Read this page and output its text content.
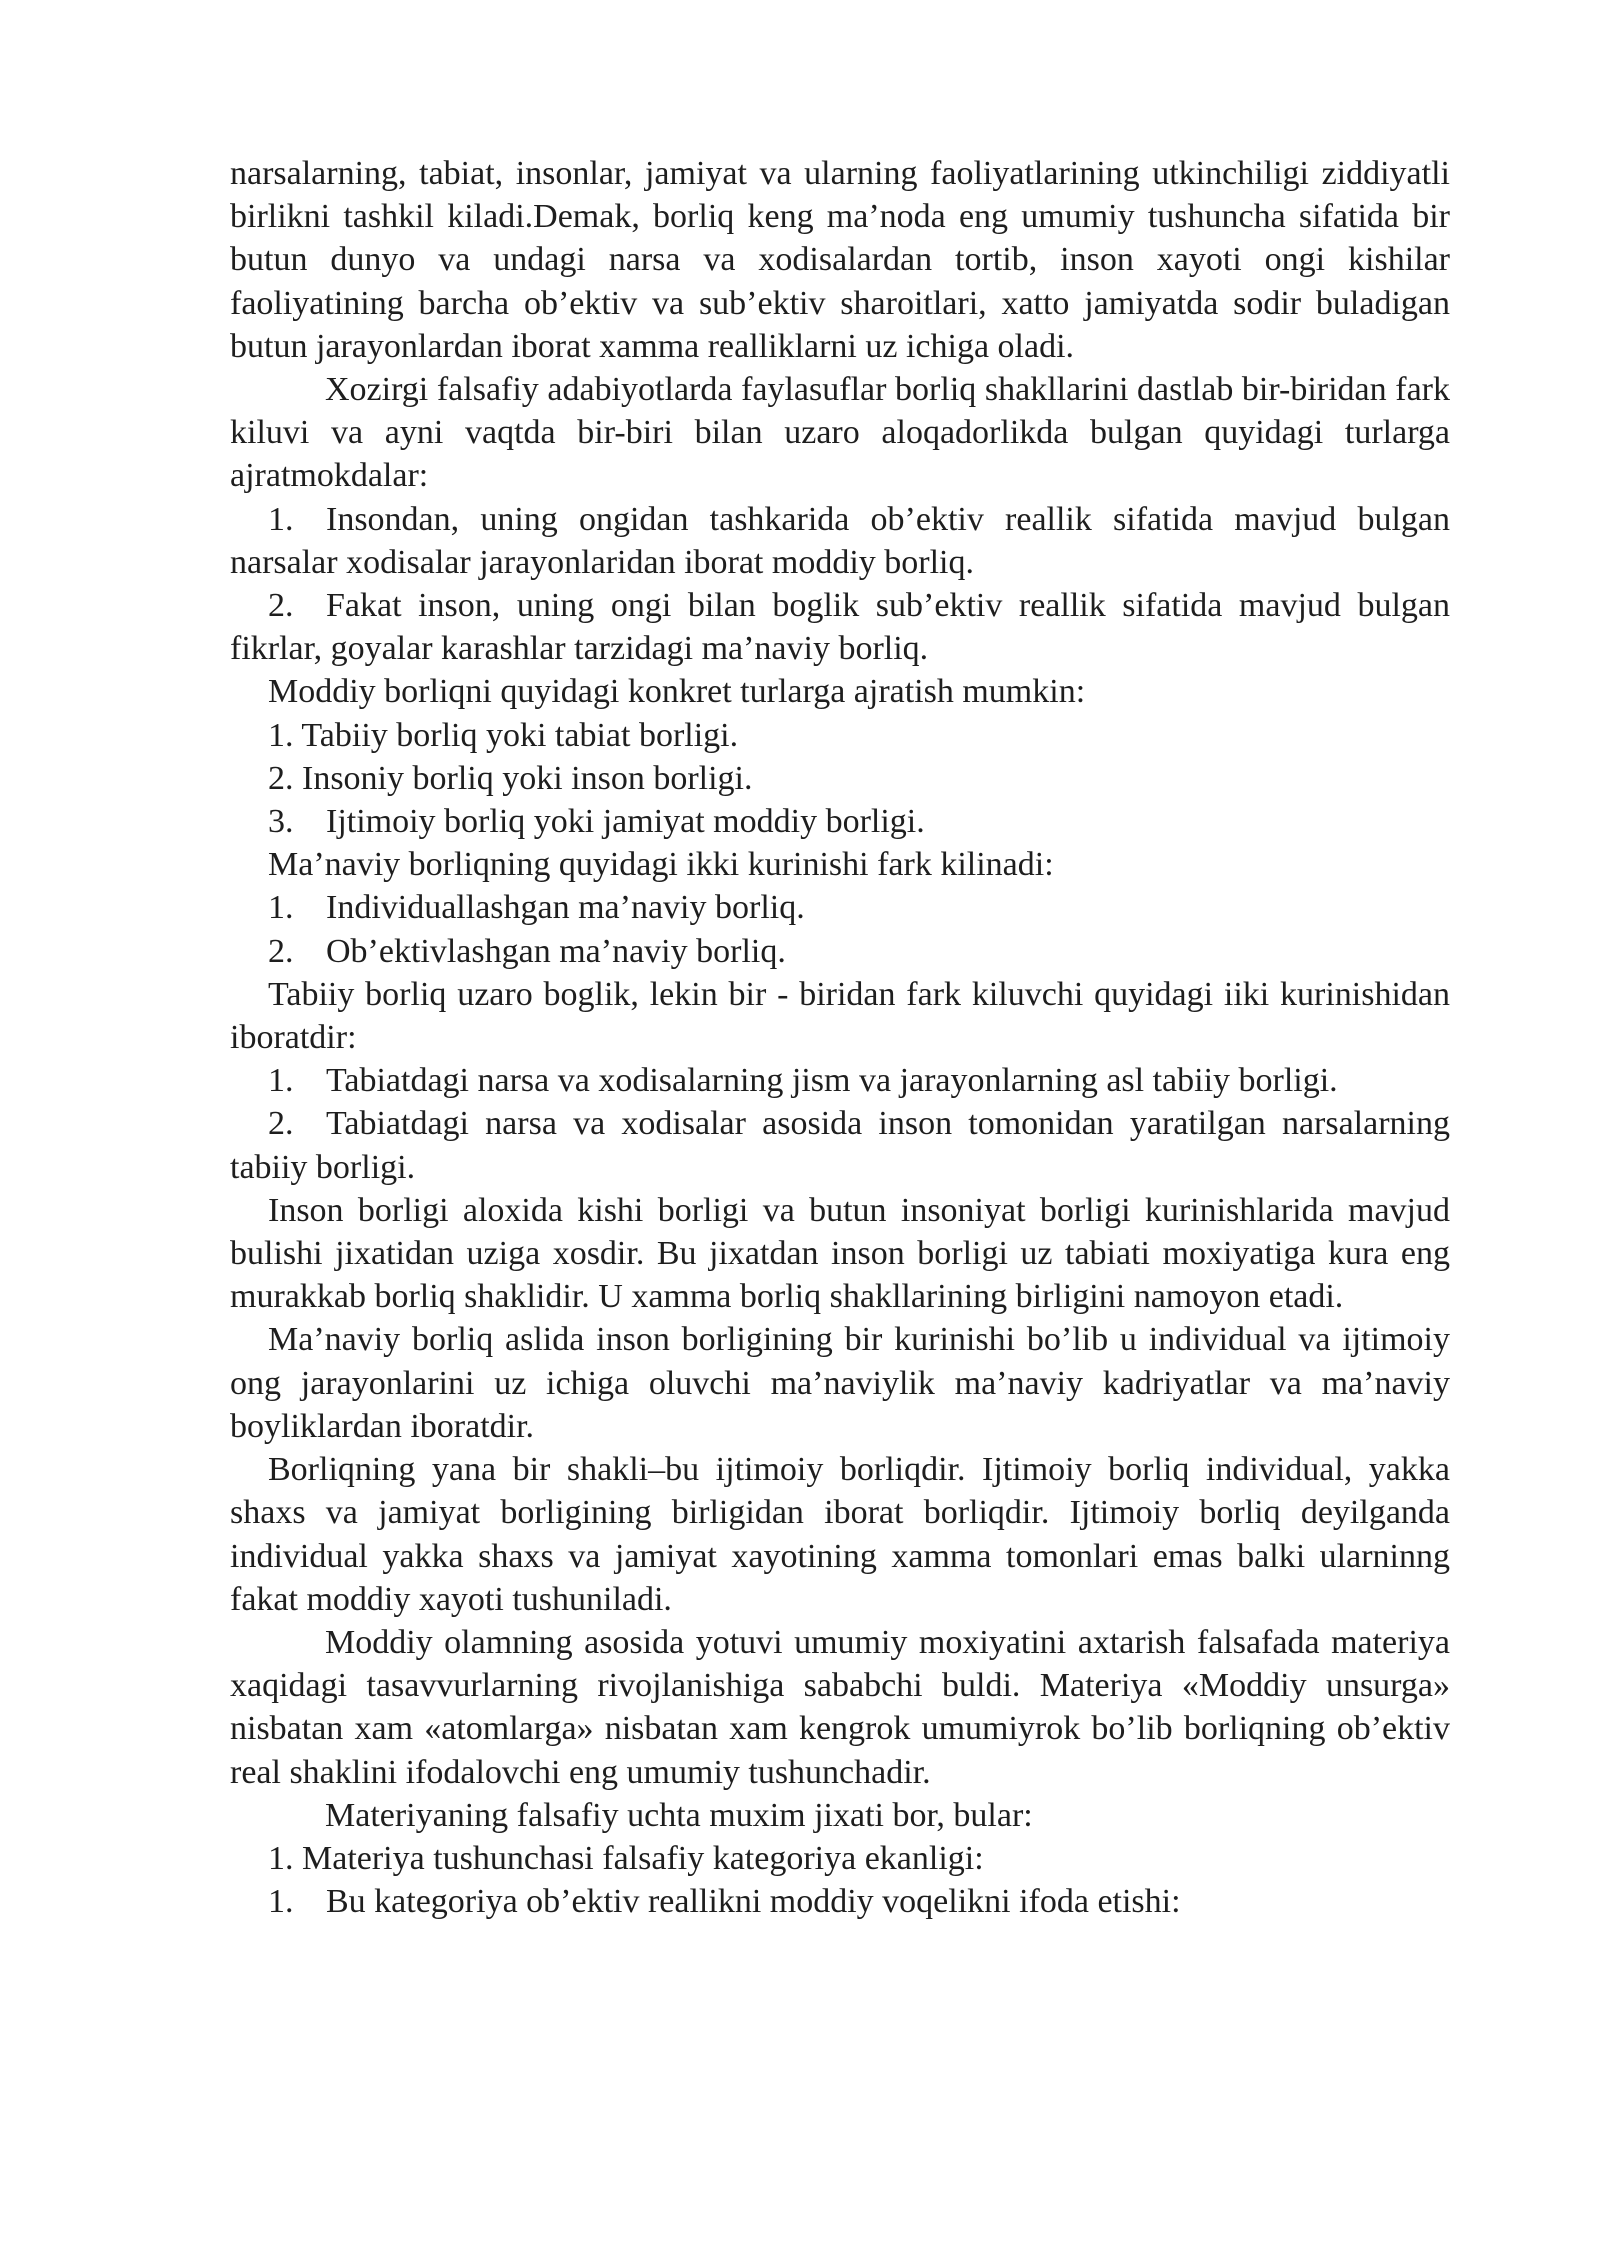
narsalarning, tabiat, insonlar, jamiyat va ularning faoliyatlarining utkinchiligi ziddiyatli birlikni tashkil kiladi.Demak, borliq keng ma’noda eng umumiy tushuncha sifatida bir butun dunyo va undagi narsa va xodisalardan tortib, inson xayoti ongi kishilar faoliyatining barcha ob’ektiv va sub’ektiv sharoitlari, xatto jamiyatda sodir buladigan butun jarayonlardan iborat xamma realliklarni uz ichiga oladi.

Xozirgi falsafiy adabiyotlarda faylasuflar borliq shakllarini dastlab bir-biridan fark kiluvi va ayni vaqtda bir-biri bilan uzaro aloqadorlikda bulgan quyidagi turlarga ajratmokdalar:

1. Insondan, uning ongidan tashkarida ob’ektiv reallik sifatida mavjud bulgan narsalar xodisalar jarayonlaridan iborat moddiy borliq.

2. Fakat inson, uning ongi bilan boglik sub’ektiv reallik sifatida mavjud bulgan fikrlar, goyalar karashlar tarzidagi ma’naviy borliq.

Moddiy borliqni quyidagi konkret turlarga ajratish mumkin:

1. Tabiiy borliq yoki tabiat borligi.

2. Insoniy borliq yoki inson borligi.

3. Ijtimoiy borliq yoki jamiyat moddiy borligi.

Ma’naviy borliqning quyidagi ikki kurinishi fark kilinadi:

1. Individuallashgan ma’naviy borliq.

2. Ob’ektivlashgan ma’naviy borliq.

Tabiiy borliq uzaro boglik, lekin bir - biridan fark kiluvchi quyidagi iiki kurinishidan iboratdir:

1. Tabiatdagi narsa va xodisalarning jism va jarayonlarning asl tabiiy borligi.

2. Tabiatdagi narsa va xodisalar asosida inson tomonidan yaratilgan narsalarning tabiiy borligi.

Inson borligi aloxida kishi borligi va butun insoniyat borligi kurinishlarida mavjud bulishi jixatidan uziga xosdir. Bu jixatdan inson borligi uz tabiati moxiyatiga kura eng murakkab borliq shaklidir. U xamma borliq shakllarining birligini namoyon etadi.

Ma’naviy borliq aslida inson borligining bir kurinishi bo’lib u individual va ijtimoiy ong jarayonlarini uz ichiga oluvchi ma’naviylik ma’naviy kadriyatlar va ma’naviy boyliklardan iboratdir.

Borliqning yana bir shakli–bu ijtimoiy borliqdir. Ijtimoiy borliq individual, yakka shaxs va jamiyat borligining birligidan iborat borliqdir. Ijtimoiy borliq deyilganda individual yakka shaxs va jamiyat xayotining xamma tomonlari emas balki ularninng fakat moddiy xayoti tushuniladi.

Moddiy olamning asosida yotuvi umumiy moxiyatini axtarish falsafada materiya xaqidagi tasavvurlarning rivojlanishiga sababchi buldi. Materiya «Moddiy unsurga» nisbatan xam «atomlarga» nisbatan xam kengrok umumiyrok bo’lib borliqning ob’ektiv real shaklini ifodalovchi eng umumiy tushunchadir.

Materiyaning falsafiy uchta muxim jixati bor, bular:

1. Materiya tushunchasi falsafiy kategoriya ekanligi:

1. Bu kategoriya ob’ektiv reallikni moddiy voqelikni ifoda etishi:
